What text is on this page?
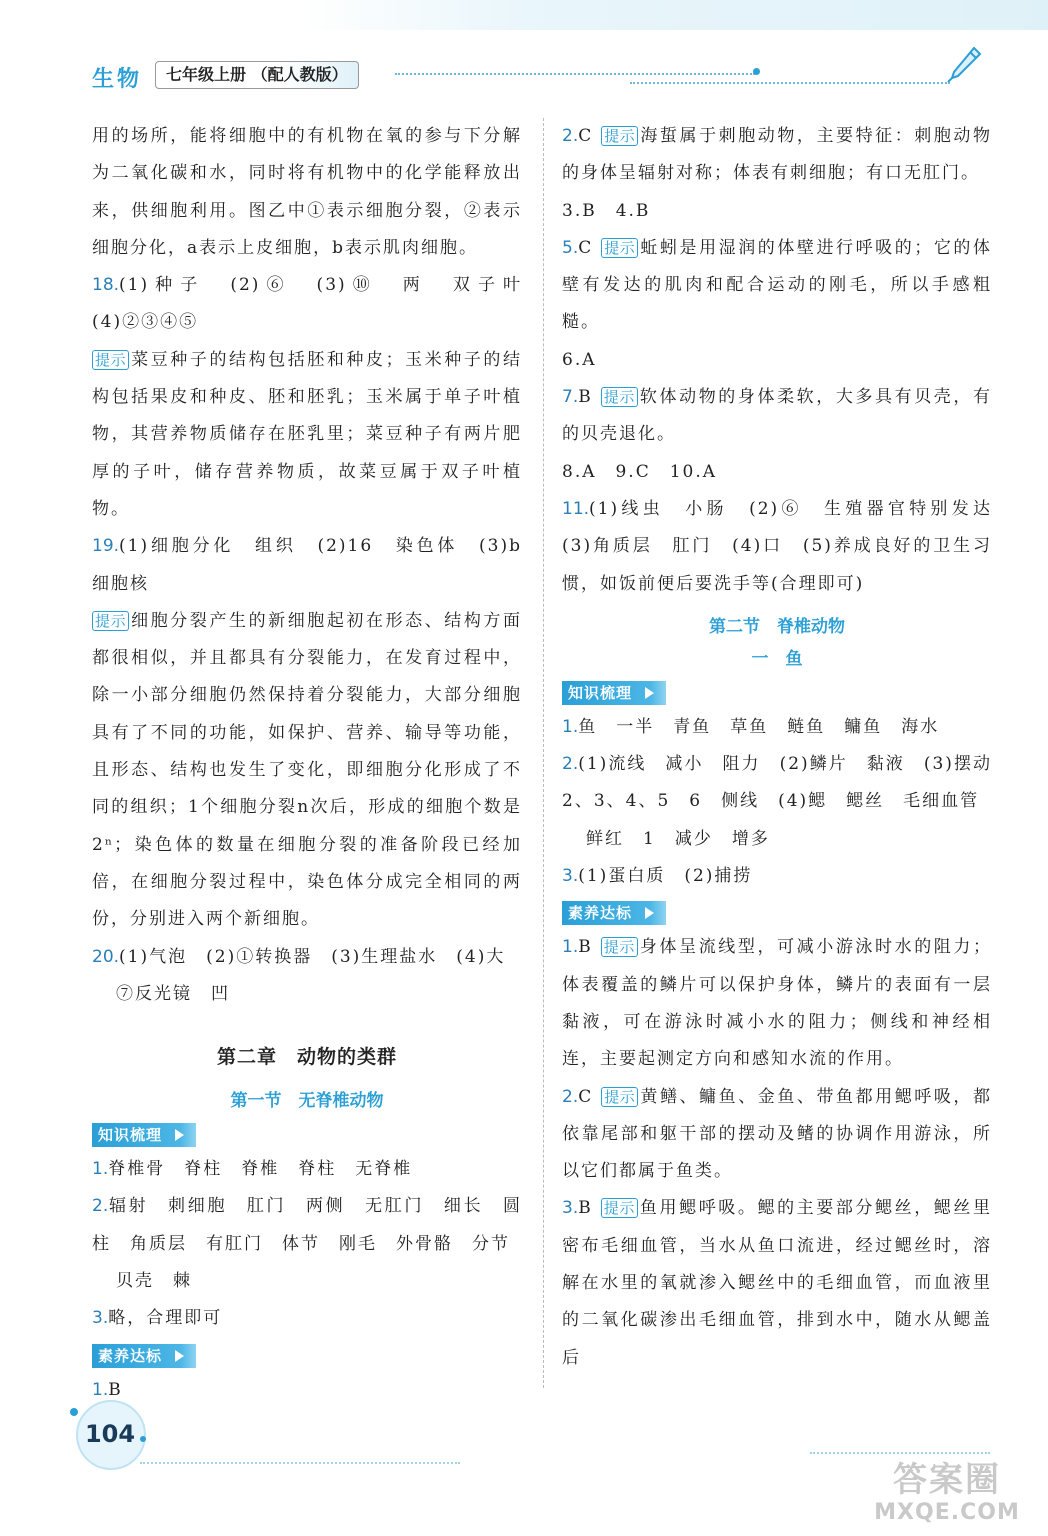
生物	七年级上册 （配人教版）

用的场所，能将细胞中的有机物在氧的参与下分解为二氧化碳和水，同时将有机物中的化学能释放出来，供细胞利用。图乙中①表示细胞分裂，②表示细胞分化，a表示上皮细胞，b表示肌肉细胞。

18.(1)种子　(2)⑥　(3)⑩　两　双子叶　(4)②③④⑤

提示 菜豆种子的结构包括胚和种皮；玉米种子的结构包括果皮和种皮、胚和胚乳；玉米属于单子叶植物，其营养物质储存在胚乳里；菜豆种子有两片肥厚的子叶，储存营养物质，故菜豆属于双子叶植物。

19.(1)细胞分化　组织　(2)16　染色体　(3)b　细胞核

提示 细胞分裂产生的新细胞起初在形态、结构方面都很相似，并且都具有分裂能力，在发育过程中，除一小部分细胞仍然保持着分裂能力，大部分细胞具有了不同的功能，如保护、营养、输导等功能，且形态、结构也发生了变化，即细胞分化形成了不同的组织；1个细胞分裂n次后，形成的细胞个数是2ⁿ；染色体的数量在细胞分裂的准备阶段已经加倍，在细胞分裂过程中，染色体分成完全相同的两份，分别进入两个新细胞。

20.(1)气泡　(2)①转换器　(3)生理盐水　(4)大

⑦反光镜　凹

第二章　动物的类群
第一节　无脊椎动物
知识梳理

1.脊椎骨　脊柱　脊椎　脊柱　无脊椎

2.辐射　刺细胞　肛门　两侧　无肛门　细长　圆柱　角质层　有肛门　体节　刚毛　外骨骼　分节

贝壳　棘

3.略，合理即可

素养达标

1.B

2.C 提示 海蜇属于刺胞动物，主要特征：刺胞动物的身体呈辐射对称；体表有刺细胞；有口无肛门。

3.B　4.B

5.C 提示 蚯蚓是用湿润的体壁进行呼吸的；它的体壁有发达的肌肉和配合运动的刚毛，所以手感粗糙。

6.A

7.B 提示 软体动物的身体柔软，大多具有贝壳，有的贝壳退化。

8.A　9.C　10.A

11.(1)线虫　小肠　(2)⑥　生殖器官特别发达　(3)角质层　肛门　(4)口　(5)养成良好的卫生习惯，如饭前便后要洗手等(合理即可)

第二节　脊椎动物
一　鱼
知识梳理

1.鱼　一半　青鱼　草鱼　鲢鱼　鳙鱼　海水

2.(1)流线　减小　阻力　(2)鳞片　黏液　(3)摆动　2、3、4、5　6　侧线　(4)鳃　鳃丝　毛细血管

鲜红　1　减少　增多

3.(1)蛋白质　(2)捕捞

素养达标

1.B 提示 身体呈流线型，可减小游泳时水的阻力；体表覆盖的鳞片可以保护身体，鳞片的表面有一层黏液，可在游泳时减小水的阻力；侧线和神经相连，主要起测定方向和感知水流的作用。

2.C 提示 黄鳝、鳙鱼、金鱼、带鱼都用鳃呼吸，都依靠尾部和躯干部的摆动及鳍的协调作用游泳，所以它们都属于鱼类。

3.B 提示 鱼用鳃呼吸。鳃的主要部分鳃丝，鳃丝里密布毛细血管，当水从鱼口流进，经过鳃丝时，溶解在水里的氧就渗入鳃丝中的毛细血管，而血液里的二氧化碳渗出毛细血管，排到水中，随水从鳃盖后

104
答案圈
MXQE.COM
